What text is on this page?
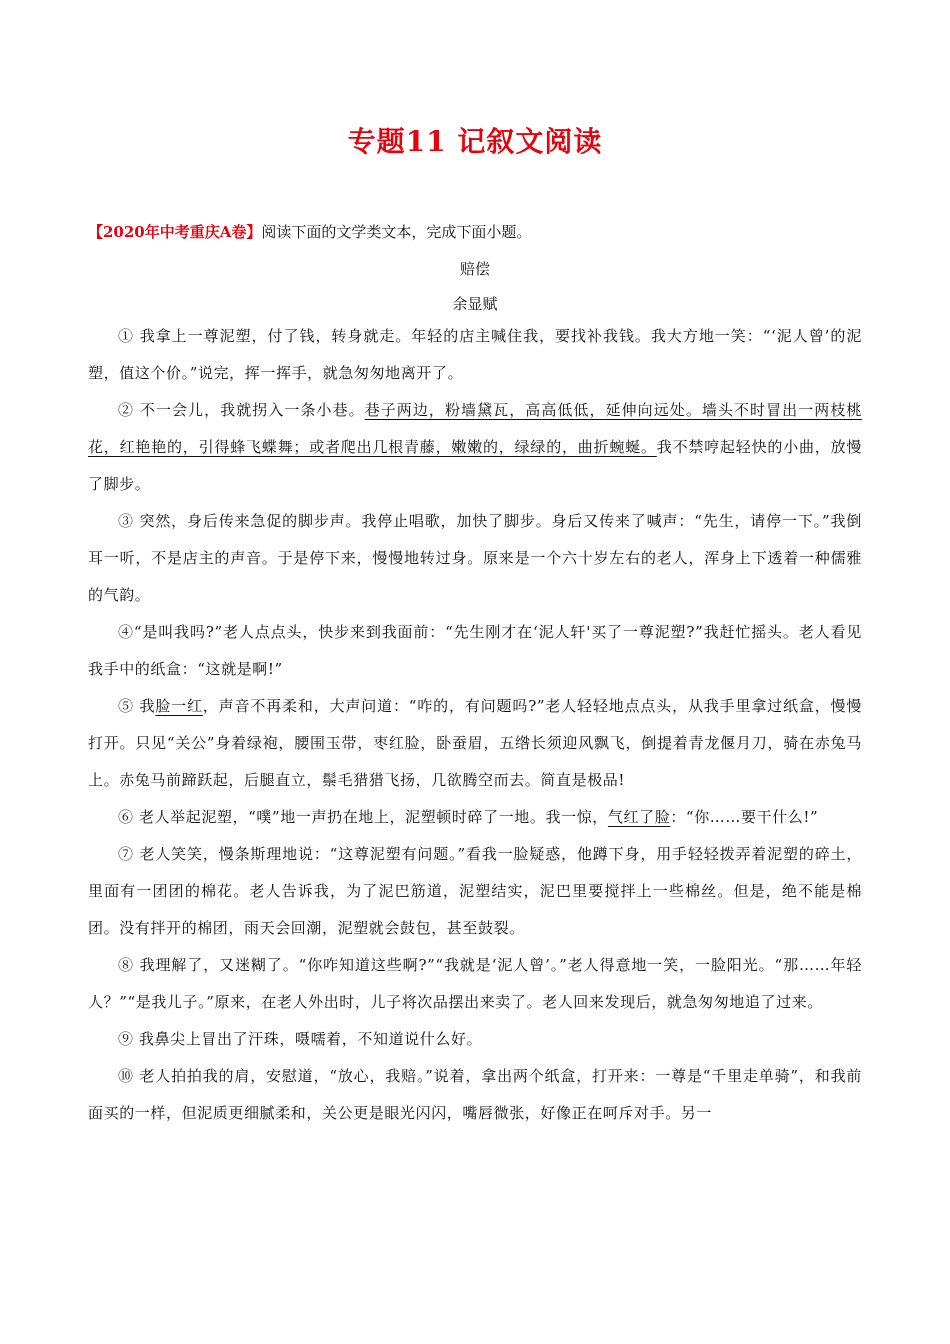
专题11 记叙文阅读
【2020年中考重庆A卷】阅读下面的文学类文本，完成下面小题。
赔偿
余显赋

① 我拿上一尊泥塑，付了钱，转身就走。年轻的店主喊住我，要找补我钱。我大方地一笑：“‘泥人曾’的泥塑，值这个价。”说完，挥一挥手，就急匆匆地离开了。

② 不一会儿，我就拐入一条小巷。巷子两边，粉墙黛瓦，高高低低，延伸向远处。墙头不时冒出一两枝桃花，红艳艳的，引得蜂飞蝶舞；或者爬出几根青藤，嫩嫩的，绿绿的，曲折蜿蜒。我不禁哼起轻快的小曲，放慢了脚步。

③ 突然，身后传来急促的脚步声。我停止唱歌，加快了脚步。身后又传来了喊声：“先生，请停一下。”我倒耳一听，不是店主的声音。于是停下来，慢慢地转过身。原来是一个六十岁左右的老人，浑身上下透着一种儒雅的气韵。

④“是叫我吗?”老人点点头，快步来到我面前：“先生刚才在‘泥人轩'买了一尊泥塑?”我赶忙摇头。老人看见我手中的纸盒：“这就是啊!”

⑤ 我脸一红，声音不再柔和，大声问道：“咋的，有问题吗?”老人轻轻地点点头，从我手里拿过纸盒，慢慢打开。只见“关公”身着绿袍，腰围玉带，枣红脸，卧蚕眉，五绺长须迎风飘飞，倒提着青龙偃月刀，骑在赤兔马上。赤兔马前蹄跃起，后腿直立，鬃毛猎猎飞扬，几欲腾空而去。简直是极品!

⑥ 老人举起泥塑，“噗”地一声扔在地上，泥塑顿时碎了一地。我一惊，气红了脸：“你……要干什么!”

⑦ 老人笑笑，慢条斯理地说：“这尊泥塑有问题。”看我一脸疑惑，他蹲下身，用手轻轻拨弄着泥塑的碎土，里面有一团团的棉花。老人告诉我，为了泥巴筋道，泥塑结实，泥巴里要搅拌上一些棉丝。但是，绝不能是棉团。没有拌开的棉团，雨天会回潮，泥塑就会鼓包，甚至鼓裂。

⑧ 我理解了，又迷糊了。“你咋知道这些啊?”“我就是‘泥人曾’。”老人得意地一笑，一脸阳光。“那……年轻人？”“是我儿子。”原来，在老人外出时，儿子将次品摆出来卖了。老人回来发现后，就急匆匆地追了过来。

⑨ 我鼻尖上冒出了汗珠，嗫嚅着，不知道说什么好。

⑩ 老人拍拍我的肩，安慰道，“放心，我赔。”说着，拿出两个纸盒，打开来：一尊是“千里走单骑”，和我前面买的一样，但泥质更细腻柔和，关公更是眼光闪闪，嘴唇微张，好像正在呵斥对手。另一
